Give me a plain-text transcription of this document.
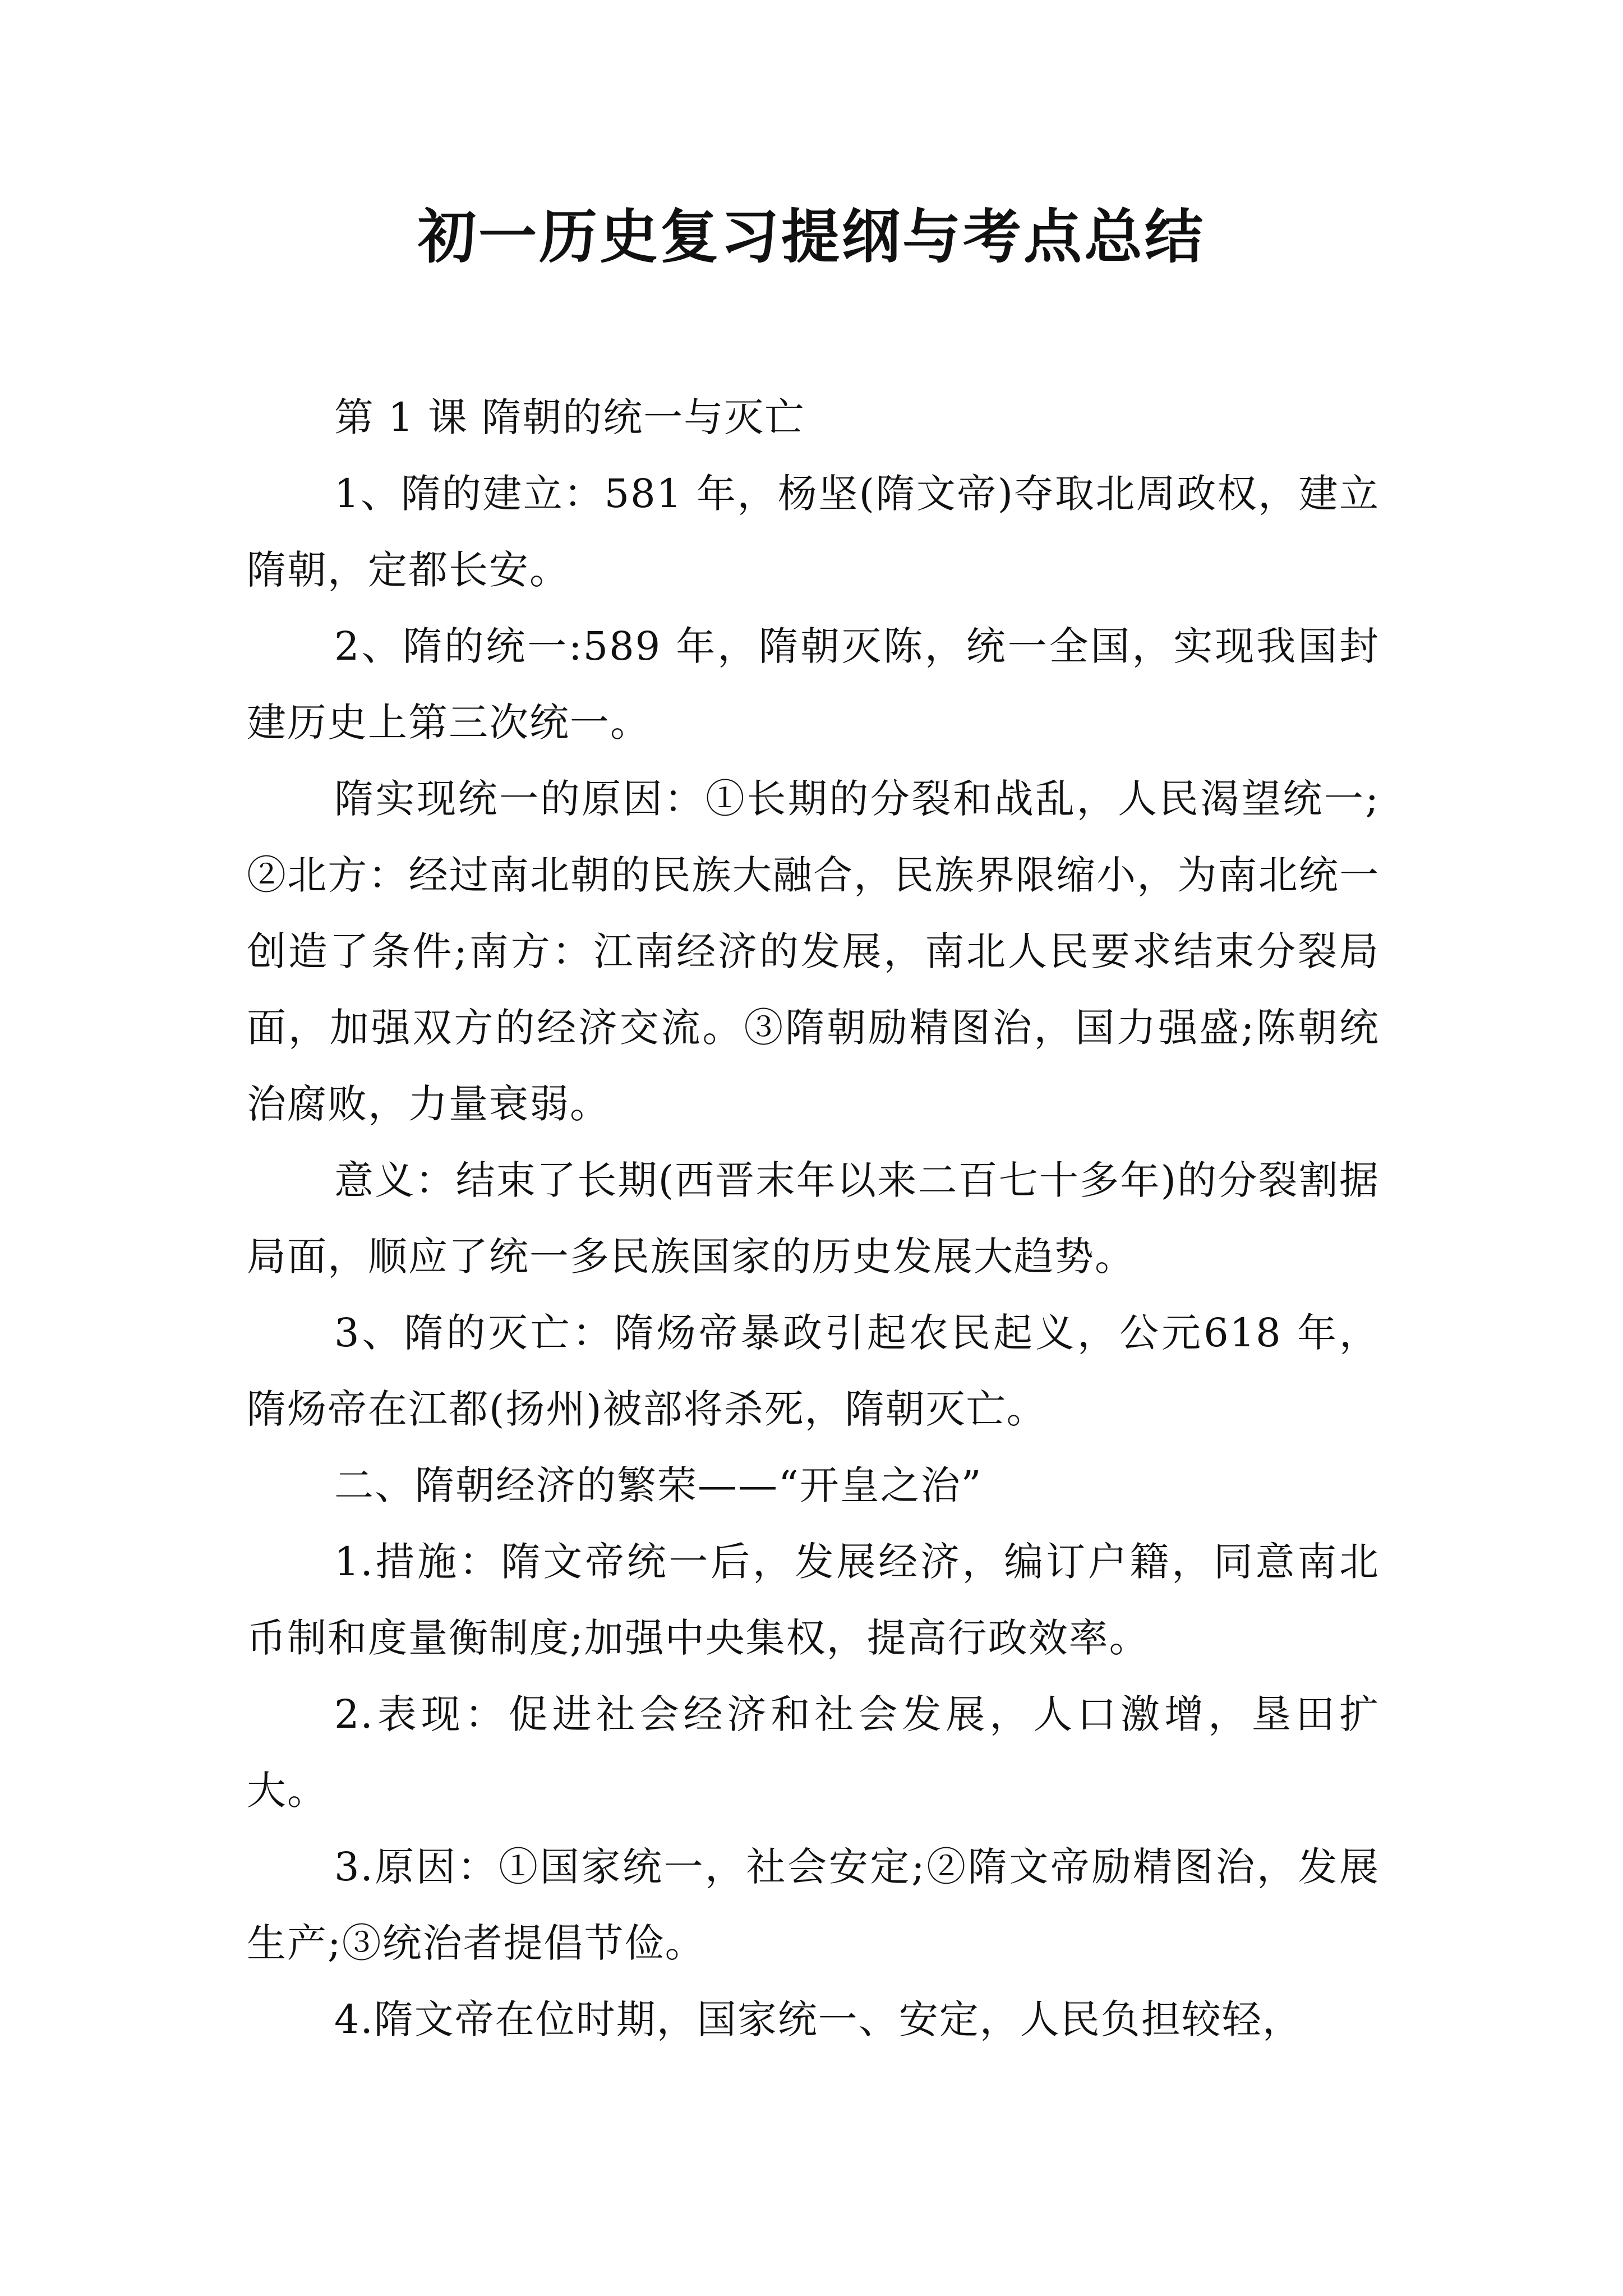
初一历史复习提纲与考点总结

第 1 课 隋朝的统一与灭亡

1、隋的建立：581 年，杨坚(隋文帝)夺取北周政权，建立隋朝，定都长安。

2、隋的统一:589 年，隋朝灭陈，统一全国，实现我国封建历史上第三次统一。

隋实现统一的原因：①长期的分裂和战乱，人民渴望统一;②北方：经过南北朝的民族大融合，民族界限缩小，为南北统一创造了条件;南方：江南经济的发展，南北人民要求结束分裂局面，加强双方的经济交流。③隋朝励精图治，国力强盛;陈朝统治腐败，力量衰弱。

意义：结束了长期(西晋末年以来二百七十多年)的分裂割据局面，顺应了统一多民族国家的历史发展大趋势。

3、隋的灭亡：隋炀帝暴政引起农民起义，公元618 年，隋炀帝在江都(扬州)被部将杀死，隋朝灭亡。

二、隋朝经济的繁荣——“开皇之治”

1.措施：隋文帝统一后，发展经济，编订户籍，同意南北币制和度量衡制度;加强中央集权，提高行政效率。

2.表现：促进社会经济和社会发展，人口激增，垦田扩大。

3.原因：①国家统一，社会安定;②隋文帝励精图治，发展生产;③统治者提倡节俭。

4.隋文帝在位时期，国家统一、安定，人民负担较轻，
